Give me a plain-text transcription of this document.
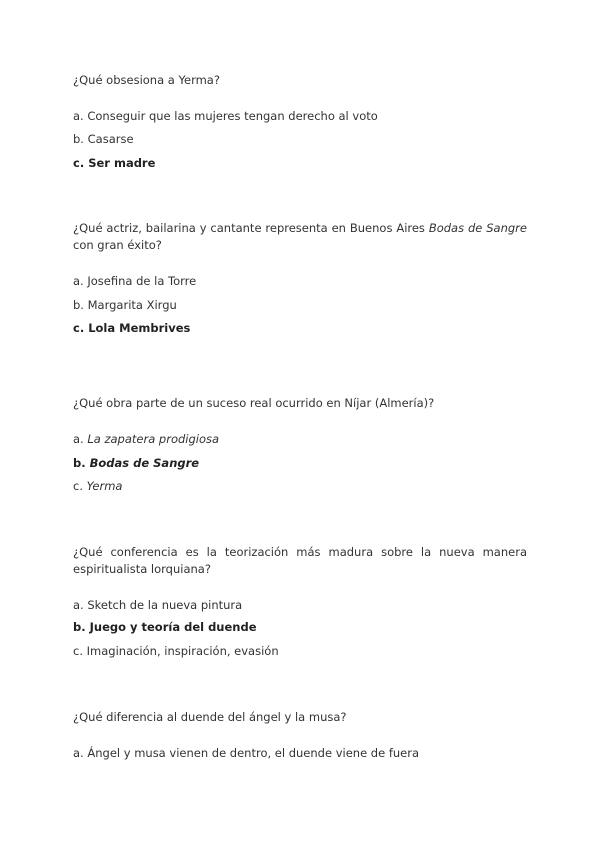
¿Qué obsesiona a Yerma?
a. Conseguir que las mujeres tengan derecho al voto
b. Casarse
c. Ser madre
¿Qué actriz, bailarina y cantante representa en Buenos Aires Bodas de Sangre con gran éxito?
a. Josefina de la Torre
b. Margarita Xirgu
c. Lola Membrives
¿Qué obra parte de un suceso real ocurrido en Níjar (Almería)?
a. La zapatera prodigiosa
b. Bodas de Sangre
c. Yerma
¿Qué conferencia es la teorización más madura sobre la nueva manera espiritualista lorquiana?
a. Sketch de la nueva pintura
b. Juego y teoría del duende
c. Imaginación, inspiración, evasión
¿Qué diferencia al duende del ángel y la musa?
a. Ángel y musa vienen de dentro, el duende viene de fuera
